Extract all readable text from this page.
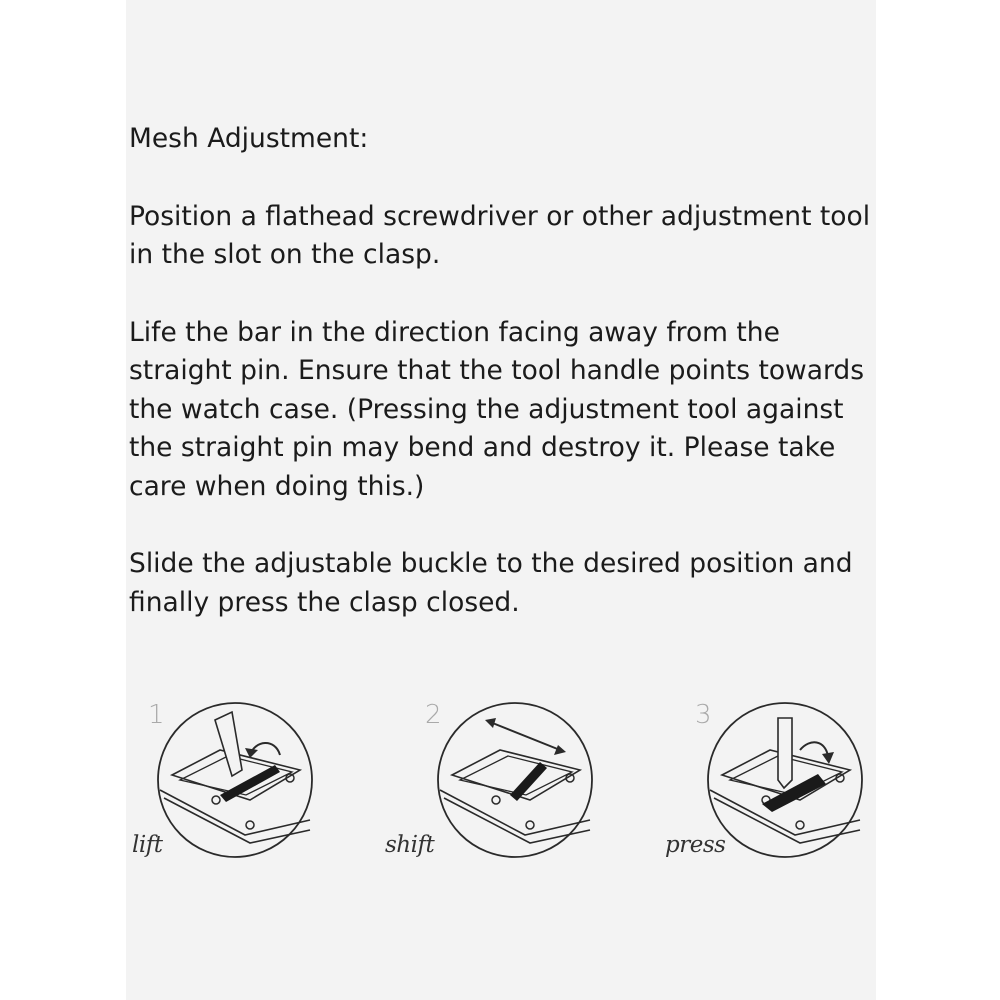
Mesh Adjustment:

Position a flathead screwdriver or other adjustment tool in the slot on the clasp.

Life the bar in the direction facing away from the straight pin. Ensure that the tool handle points towards the watch case. (Pressing the adjustment tool against the straight pin may bend and destroy it. Please take care when doing this.)

Slide the adjustable buckle to the desired position and finally press the clasp closed.

1
lift
2
shift
3
press
